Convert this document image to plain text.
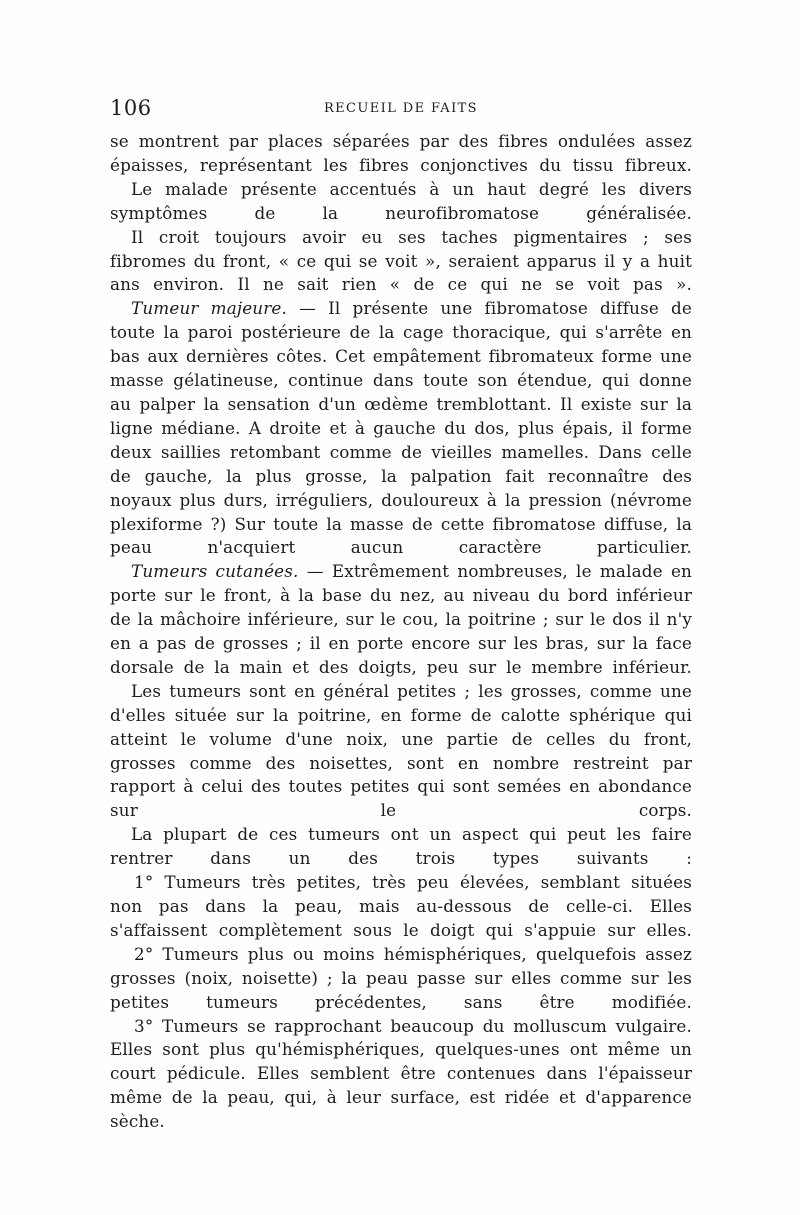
106	RECUEIL DE FAITS

se montrent par places séparées par des fibres ondulées assez épaisses, représentant les fibres conjonctives du tissu fibreux.

Le malade présente accentués à un haut degré les divers symptômes de la neurofibromatose généralisée.

Il croit toujours avoir eu ses taches pigmentaires ; ses fibromes du front, « ce qui se voit », seraient apparus il y a huit ans environ. Il ne sait rien « de ce qui ne se voit pas ».

Tumeur majeure. — Il présente une fibromatose diffuse de toute la paroi postérieure de la cage thoracique, qui s'arrête en bas aux dernières côtes. Cet empâtement fibromateux forme une masse gélatineuse, continue dans toute son étendue, qui donne au palper la sensation d'un œdème tremblottant. Il existe sur la ligne médiane. A droite et à gauche du dos, plus épais, il forme deux saillies retombant comme de vieilles mamelles. Dans celle de gauche, la plus grosse, la palpation fait reconnaître des noyaux plus durs, irréguliers, douloureux à la pression (névrome plexiforme ?) Sur toute la masse de cette fibromatose diffuse, la peau n'acquiert aucun caractère particulier.

Tumeurs cutanées. — Extrêmement nombreuses, le malade en porte sur le front, à la base du nez, au niveau du bord inférieur de la mâchoire inférieure, sur le cou, la poitrine ; sur le dos il n'y en a pas de grosses ; il en porte encore sur les bras, sur la face dorsale de la main et des doigts, peu sur le membre inférieur.

Les tumeurs sont en général petites ; les grosses, comme une d'elles située sur la poitrine, en forme de calotte sphérique qui atteint le volume d'une noix, une partie de celles du front, grosses comme des noisettes, sont en nombre restreint par rapport à celui des toutes petites qui sont semées en abondance sur le corps.

La plupart de ces tumeurs ont un aspect qui peut les faire rentrer dans un des trois types suivants :

1° Tumeurs très petites, très peu élevées, semblant situées non pas dans la peau, mais au-dessous de celle-ci. Elles s'affaissent complètement sous le doigt qui s'appuie sur elles.

2° Tumeurs plus ou moins hémisphériques, quelquefois assez grosses (noix, noisette) ; la peau passe sur elles comme sur les petites tumeurs précédentes, sans être modifiée.

3° Tumeurs se rapprochant beaucoup du molluscum vulgaire. Elles sont plus qu'hémisphériques, quelques-unes ont même un court pédicule. Elles semblent être contenues dans l'épaisseur même de la peau, qui, à leur surface, est ridée et d'apparence sèche.
